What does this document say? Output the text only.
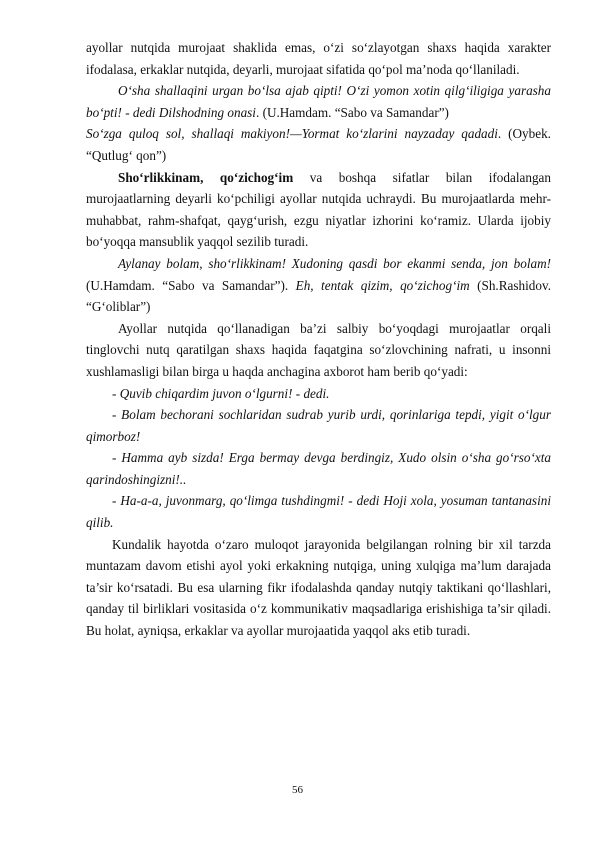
ayollar nutqida murojaat shaklida emas, o‘zi so‘zlayotgan shaxs haqida xarakter ifodalasa, erkaklar nutqida, deyarli, murojaat sifatida qo‘pol ma’noda qo‘llaniladi.

O‘sha shallaqini urgan bo‘lsa ajab qipti! O‘zi yomon xotin qilg‘iligiga yarasha bo‘pti! - dedi Dilshodning onasi. (U.Hamdam. “Sabo va Samandar”)

So‘zga quloq sol, shallaqi makiyon!—Yormat ko‘zlarini nayzaday qadadi. (Oybek. “Qutlug‘ qon”)

Sho‘rlikkinam, qo‘zichog‘im va boshqa sifatlar bilan ifodalangan murojaatlarning deyarli ko‘pchiligi ayollar nutqida uchraydi. Bu murojaatlarda mehr-muhabbat, rahm-shafqat, qayg‘urish, ezgu niyatlar izhorini ko‘ramiz. Ularda ijobiy bo‘yoqqa mansublik yaqqol sezilib turadi.

Aylanay bolam, sho‘rlikkinam! Xudoning qasdi bor ekanmi senda, jon bolam! (U.Hamdam. “Sabo va Samandar”). Eh, tentak qizim, qo‘zichog‘im (Sh.Rashidov. “G‘oliblar”)

Ayollar nutqida qo‘llanadigan ba’zi salbiy bo‘yoqdagi murojaatlar orqali tinglovchi nutq qaratilgan shaxs haqida faqatgina so‘zlovchining nafrati, u insonni xushlamasligi bilan birga u haqda anchagina axborot ham berib qo‘yadi:

- Quvib chiqardim juvon o‘lgurni! - dedi.

- Bolam bechorani sochlaridan sudrab yurib urdi, qorinlariga tepdi, yigit o‘lgur qimorboz!

- Hamma ayb sizda! Erga bermay devga berdingiz, Xudo olsin o‘sha go‘rso‘xta qarindoshingizni!..

- Ha-a-a, juvonmarg, qo‘limga tushdingmi! - dedi Hoji xola, yosuman tantanasini qilib.

Kundalik hayotda o‘zaro muloqot jarayonida belgilangan rolning bir xil tarzda muntazam davom etishi ayol yoki erkakning nutqiga, uning xulqiga ma’lum darajada ta’sir ko‘rsatadi. Bu esa ularning fikr ifodalashda qanday nutqiy taktikani qo‘llashlari, qanday til birliklari vositasida o‘z kommunikativ maqsadlariga erishishiga ta’sir qiladi. Bu holat, ayniqsa, erkaklar va ayollar murojaatida yaqqol aks etib turadi.

56
